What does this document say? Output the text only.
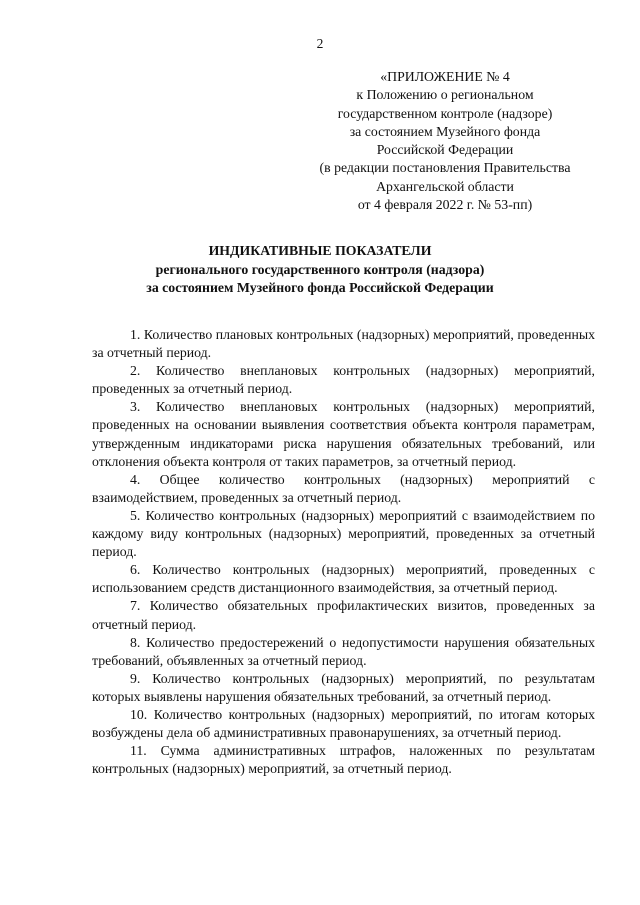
2
«ПРИЛОЖЕНИЕ № 4
к Положению о региональном
государственном контроле (надзоре)
за состоянием Музейного фонда
Российской Федерации
(в редакции постановления Правительства
Архангельской области
от 4 февраля 2022 г. № 53-пп)
ИНДИКАТИВНЫЕ ПОКАЗАТЕЛИ
регионального государственного контроля (надзора)
за состоянием Музейного фонда Российской Федерации

1. Количество плановых контрольных (надзорных) мероприятий, проведенных за отчетный период.

2. Количество внеплановых контрольных (надзорных) мероприятий, проведенных за отчетный период.

3. Количество внеплановых контрольных (надзорных) мероприятий, проведенных на основании выявления соответствия объекта контроля параметрам, утвержденным индикаторами риска нарушения обязательных требований, или отклонения объекта контроля от таких параметров, за отчетный период.

4. Общее количество контрольных (надзорных) мероприятий с взаимодействием, проведенных за отчетный период.

5. Количество контрольных (надзорных) мероприятий с взаимодействием по каждому виду контрольных (надзорных) мероприятий, проведенных за отчетный период.

6. Количество контрольных (надзорных) мероприятий, проведенных с использованием средств дистанционного взаимодействия, за отчетный период.

7. Количество обязательных профилактических визитов, проведенных за отчетный период.

8. Количество предостережений о недопустимости нарушения обязательных требований, объявленных за отчетный период.

9. Количество контрольных (надзорных) мероприятий, по результатам которых выявлены нарушения обязательных требований, за отчетный период.

10. Количество контрольных (надзорных) мероприятий, по итогам которых возбуждены дела об административных правонарушениях, за отчетный период.

11. Сумма административных штрафов, наложенных по результатам контрольных (надзорных) мероприятий, за отчетный период.
